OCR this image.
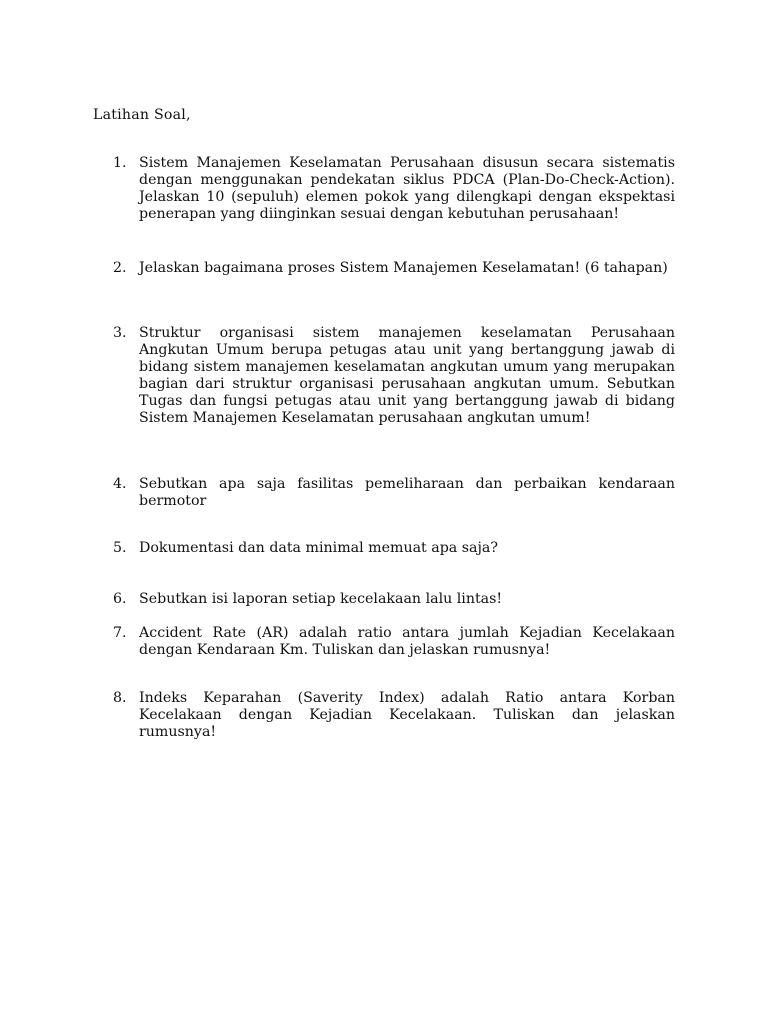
Latihan Soal,
1. Sistem Manajemen Keselamatan Perusahaan disusun secara sistematis dengan menggunakan pendekatan siklus PDCA (Plan-Do-Check-Action). Jelaskan 10 (sepuluh) elemen pokok yang dilengkapi dengan ekspektasi penerapan yang diinginkan sesuai dengan kebutuhan perusahaan!

2. Jelaskan bagaimana proses Sistem Manajemen Keselamatan! (6 tahapan)

3. Struktur organisasi sistem manajemen keselamatan Perusahaan Angkutan Umum berupa petugas atau unit yang bertanggung jawab di bidang sistem manajemen keselamatan angkutan umum yang merupakan bagian dari struktur organisasi perusahaan angkutan umum. Sebutkan Tugas dan fungsi petugas atau unit yang bertanggung jawab di bidang Sistem Manajemen Keselamatan perusahaan angkutan umum!

4. Sebutkan apa saja fasilitas pemeliharaan dan perbaikan kendaraan bermotor

5. Dokumentasi dan data minimal memuat apa saja?

6. Sebutkan isi laporan setiap kecelakaan lalu lintas!

7. Accident Rate (AR) adalah ratio antara jumlah Kejadian Kecelakaan dengan Kendaraan Km. Tuliskan dan jelaskan rumusnya!

8. Indeks Keparahan (Saverity Index) adalah Ratio antara Korban Kecelakaan dengan Kejadian Kecelakaan. Tuliskan dan jelaskan rumusnya!
